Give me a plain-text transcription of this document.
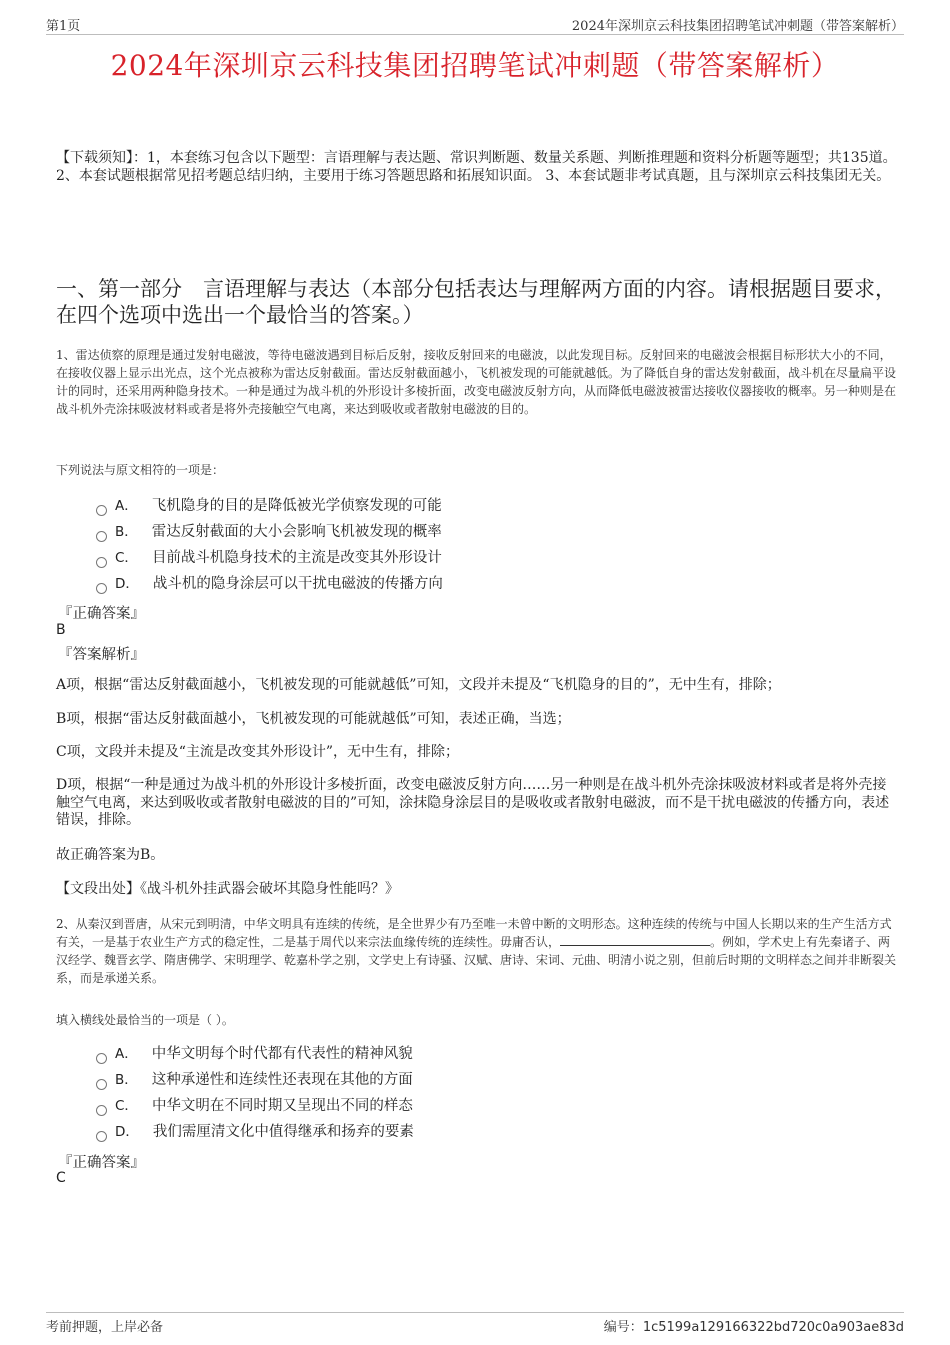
第1页	2024年深圳京云科技集团招聘笔试冲刺题（带答案解析）
2024年深圳京云科技集团招聘笔试冲刺题（带答案解析）
【下载须知】：1，本套练习包含以下题型：言语理解与表达题、常识判断题、数量关系题、判断推理题和资料分析题等题型；共135道。 2、本套试题根据常见招考题总结归纳，主要用于练习答题思路和拓展知识面。 3、本套试题非考试真题，且与深圳京云科技集团无关。
一、第一部分　言语理解与表达（本部分包括表达与理解两方面的内容。请根据题目要求，在四个选项中选出一个最恰当的答案。）
1、雷达侦察的原理是通过发射电磁波，等待电磁波遇到目标后反射，接收反射回来的电磁波，以此发现目标。反射回来的电磁波会根据目标形状大小的不同，在接收仪器上显示出光点，这个光点被称为雷达反射截面。雷达反射截面越小，飞机被发现的可能就越低。为了降低自身的雷达发射截面，战斗机在尽量扁平设计的同时，还采用两种隐身技术。一种是通过为战斗机的外形设计多棱折面，改变电磁波反射方向，从而降低电磁波被雷达接收仪器接收的概率。另一种则是在战斗机外壳涂抹吸波材料或者是将外壳接触空气电离，来达到吸收或者散射电磁波的目的。
下列说法与原文相符的一项是：
A． 飞机隐身的目的是降低被光学侦察发现的可能
B． 雷达反射截面的大小会影响飞机被发现的概率
C． 目前战斗机隐身技术的主流是改变其外形设计
D． 战斗机的隐身涂层可以干扰电磁波的传播方向
『正确答案』
B
『答案解析』
A项，根据“雷达反射截面越小，飞机被发现的可能就越低”可知，文段并未提及“飞机隐身的目的”，无中生有，排除；
B项，根据“雷达反射截面越小，飞机被发现的可能就越低”可知，表述正确，当选；
C项，文段并未提及“主流是改变其外形设计”，无中生有，排除；
D项，根据“一种是通过为战斗机的外形设计多棱折面，改变电磁波反射方向……另一种则是在战斗机外壳涂抹吸波材料或者是将外壳接触空气电离，来达到吸收或者散射电磁波的目的”可知，涂抹隐身涂层目的是吸收或者散射电磁波，而不是干扰电磁波的传播方向，表述错误，排除。
故正确答案为B。
【文段出处】《战斗机外挂武器会破坏其隐身性能吗？》
2、从秦汉到晋唐，从宋元到明清，中华文明具有连续的传统，是全世界少有乃至唯一未曾中断的文明形态。这种连续的传统与中国人长期以来的生产生活方式有关，一是基于农业生产方式的稳定性，二是基于周代以来宗法血缘传统的连续性。毋庸否认，	。例如，学术史上有先秦诸子、两汉经学、魏晋玄学、隋唐佛学、宋明理学、乾嘉朴学之别，文学史上有诗骚、汉赋、唐诗、宋词、元曲、明清小说之别，但前后时期的文明样态之间并非断裂关系，而是承递关系。
填入横线处最恰当的一项是（ ）。
A． 中华文明每个时代都有代表性的精神风貌
B． 这种承递性和连续性还表现在其他的方面
C． 中华文明在不同时期又呈现出不同的样态
D． 我们需厘清文化中值得继承和扬弃的要素
『正确答案』
C
考前押题，上岸必备	编号：1c5199a129166322bd720c0a903ae83d
